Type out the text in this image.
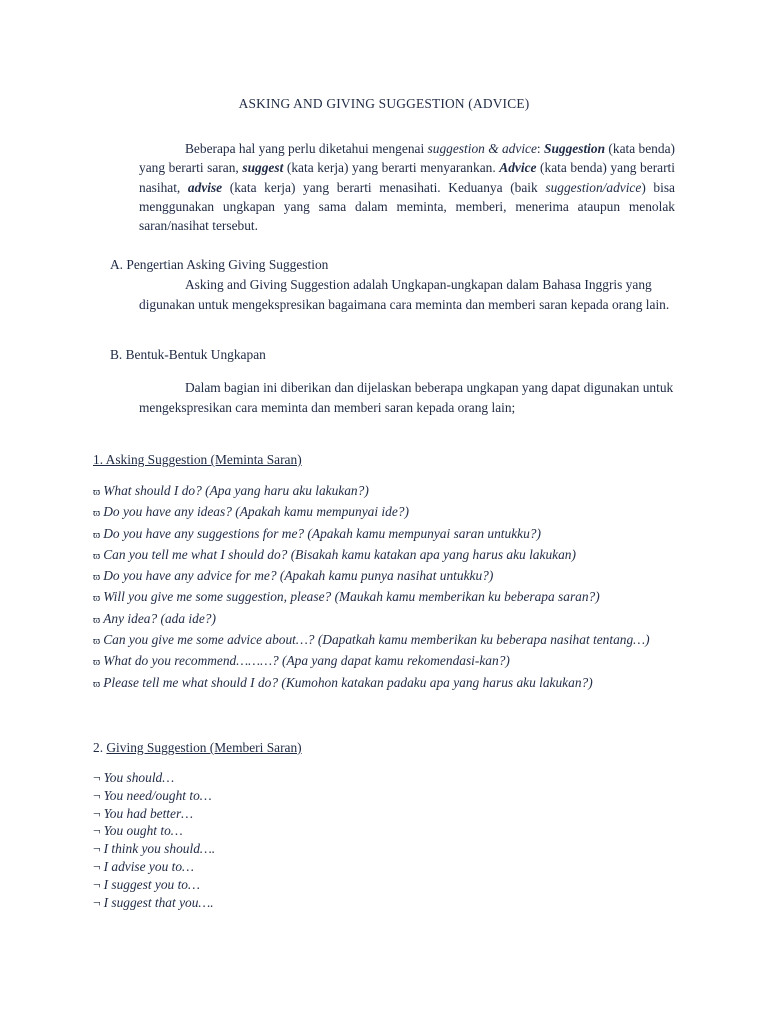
ASKING AND GIVING SUGGESTION (ADVICE)

Beberapa hal yang perlu diketahui mengenai suggestion & advice: Suggestion (kata benda) yang berarti saran, suggest (kata kerja) yang berarti menyarankan. Advice (kata benda) yang berarti nasihat, advise (kata kerja) yang berarti menasihati. Keduanya (baik suggestion/advice) bisa menggunakan ungkapan yang sama dalam meminta, memberi, menerima ataupun menolak saran/nasihat tersebut.

A. Pengertian Asking Giving Suggestion

Asking and Giving Suggestion adalah Ungkapan-ungkapan dalam Bahasa Inggris yang digunakan untuk mengekspresikan bagaimana cara meminta dan memberi saran kepada orang lain.

B. Bentuk-Bentuk Ungkapan

Dalam bagian ini diberikan dan dijelaskan beberapa ungkapan yang dapat digunakan untuk mengekspresikan cara meminta dan memberi saran kepada orang lain;

1. Asking Suggestion (Meminta Saran)
ϖ What should I do? (Apa yang haru aku lakukan?)
ϖ Do you have any ideas? (Apakah kamu mempunyai ide?)
ϖ Do you have any suggestions for me? (Apakah kamu mempunyai saran untukku?)
ϖ Can you tell me what I should do? (Bisakah kamu katakan apa yang harus aku lakukan)
ϖ Do you have any advice for me? (Apakah kamu punya nasihat untukku?)
ϖ Will you give me some suggestion, please? (Maukah kamu memberikan ku beberapa saran?)
ϖ Any idea? (ada ide?)
ϖ Can you give me some advice about…? (Dapatkah kamu memberikan ku beberapa nasihat tentang…)
ϖ What do you recommend………? (Apa yang dapat kamu rekomendasi-kan?)
ϖ Please tell me what should I do? (Kumohon katakan padaku apa yang harus aku lakukan?)
2. Giving Suggestion (Memberi Saran)
¬ You should…
¬ You need/ought to…
¬ You had better…
¬ You ought to…
¬ I think you should….
¬ I advise you to…
¬ I suggest you to…
¬ I suggest that you….
